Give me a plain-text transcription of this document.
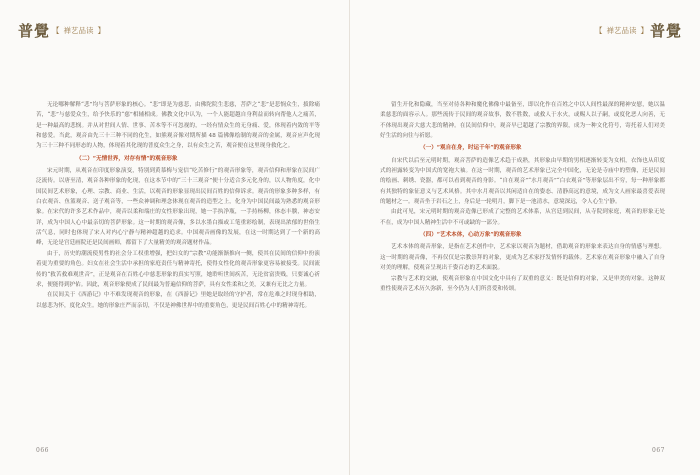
普覺 【 禅艺品读 】

无论哪种解释“悲”均与菩萨形象的核心。“悲”即是为慈悲，由佛陀院生悲慈，菩萨之“悲”是悲悯众生，拔除痛苦，“悲”与慈爱众生，给予快乐的“慈”相辅相成。佛教文化中认为，一个人能超越自身利益而转向帮他人之痛苦，是一种最高的悲悯。并从对世间人情、世事、苦本等不可忽视的，一经有情众生的无身痛、爱，体现着内敛的平等和慈爱。当此，观音由先三十三种不同的化生，如熊观音像对期所描 48 篇佛像绘制的观音的金属，观音应声化现为三十三种不同形态的人物，体现着其化现的普度众生之身，以有众生之苦，观音便在这里现身救化之。

（二）“无情世界，对存有情”的观音形象

宋元时期，从观音在印度形象演变，特别到黄慕梅与宠信“吃苦修行”的观音形象等，观音信仰和形象在民间广泛流传。以唐至清，观音各种形象的化现，在这本节中的“三十三观音”便十分适合多元化身的，以人物角度，化中国民间艺术形象，心理、宗教、商业、生活，以观音的形象显现出民间百姓的信仰诉求。观音的形象多种多样，有白衣观音、鱼篮观音、送子观音等，一些众神调和理念体现在观音的造型之上，化身为中国民间最为熟悉的观音形象。在宋代的许多艺术作品中，观音以柔和端庄的女性形象出现，她一手执净瓶，一手持杨柳，体态丰腴，神态安详，成为中国人心中最亲切的菩萨形象。这一时期的观音像，多以水墨白描或工笔重彩绘制，表现出浓郁的世俗生活气息，同时也体现了宋人对内心宁静与精神超越的追求。中国观音画像的发展，在这一时期达到了一个新的高峰，无论是宫廷画院还是民间画师，都留下了大量精美的观音题材作品。

由于，历史的潮流使男性的社会分工权重增强，把妇女的“宗教”功能渐渐推向一侧，使其在民间的信仰中扮演着更为重要的角色。妇女在社会生活中承担的家庭责任与精神寄托，使得女性化的观音形象更容易被接受。民间流传的“救苦救难观世音”，正是观音在百姓心中慈悲形象的真实写照，她聆听世间疾苦，无论贫富贵贱，只要诚心祈求，便能得到护佑。因此，观音形象便成了民间最为普遍信仰的菩萨，具有女性柔和之美，又兼有无比之力量。

在民间关于《西游记》中不难发现观音的形象，在《西游记》里她是取经的守护者，常在危难之时现身相助，以慈悲为怀，度化众生。她的形象庄严而亲切，不仅是神佛世界中的重要角色，更是民间百姓心中的精神寄托。

066
【 禅艺品读 】 普覺

留生开化和隐藏，当至对待各种和魔化佛像中最备至，即以化作在百姓之中以人间性最深的精神安慰，她以温柔慈悲的面容示人。那些流传于民间的观音故事，数不胜数，或救人于水火，或赐人以子嗣，或度化恶人向善，无不体现出观音大慈大悲的精神。在民间信仰中，观音早已超越了宗教的界限，成为一种文化符号，寄托着人们对美好生活的向往与祈愿。

（一）“观自在身，时运千年”的观音形象

自宋代以后至元明时期，观音菩萨的造像艺术趋于成熟，其形象由早期的男相逐渐转变为女相，衣饰也从印度式的袒露转变为中国式的宽袍大袖。在这一时期，观音的艺术形象已完全中国化，无论是寺庙中的塑像，还是民间的绘画、刺绣、瓷器，都可以看到观音的身影。“自在观音”“水月观音”“白衣观音”等形象层出不穷，每一种形象都有其独特的象征意义与艺术风格。其中水月观音以其闲适自在的姿态、清静高远的意境，成为文人画家最喜爱表现的题材之一。观音坐于岩石之上，身后是一轮明月，脚下是一池清水，意境深远，令人心生宁静。

由此可见，宋元明时期的观音造像已形成了完整的艺术体系，从宫廷到民间，从寺院到家庭，观音的形象无处不在，成为中国人精神生活中不可或缺的一部分。

（四）“艺术本体，心动万象”的观音形象

艺术本体的观音形象，是指在艺术创作中，艺术家以观音为题材，借助观音的形象来表达自身的情感与理想。这一时期的观音像，不再仅仅是宗教崇拜的对象，更成为艺术家抒发情怀的载体。艺术家在观音形象中融入了自身对美的理解，使观音呈现出千姿百态的艺术面貌。

宗教与艺术的交融，使观音形象在中国文化中具有了双重的意义：既是信仰的对象，又是审美的对象。这种双重性使观音艺术历久弥新，至今仍为人们所喜爱和传颂。

067
